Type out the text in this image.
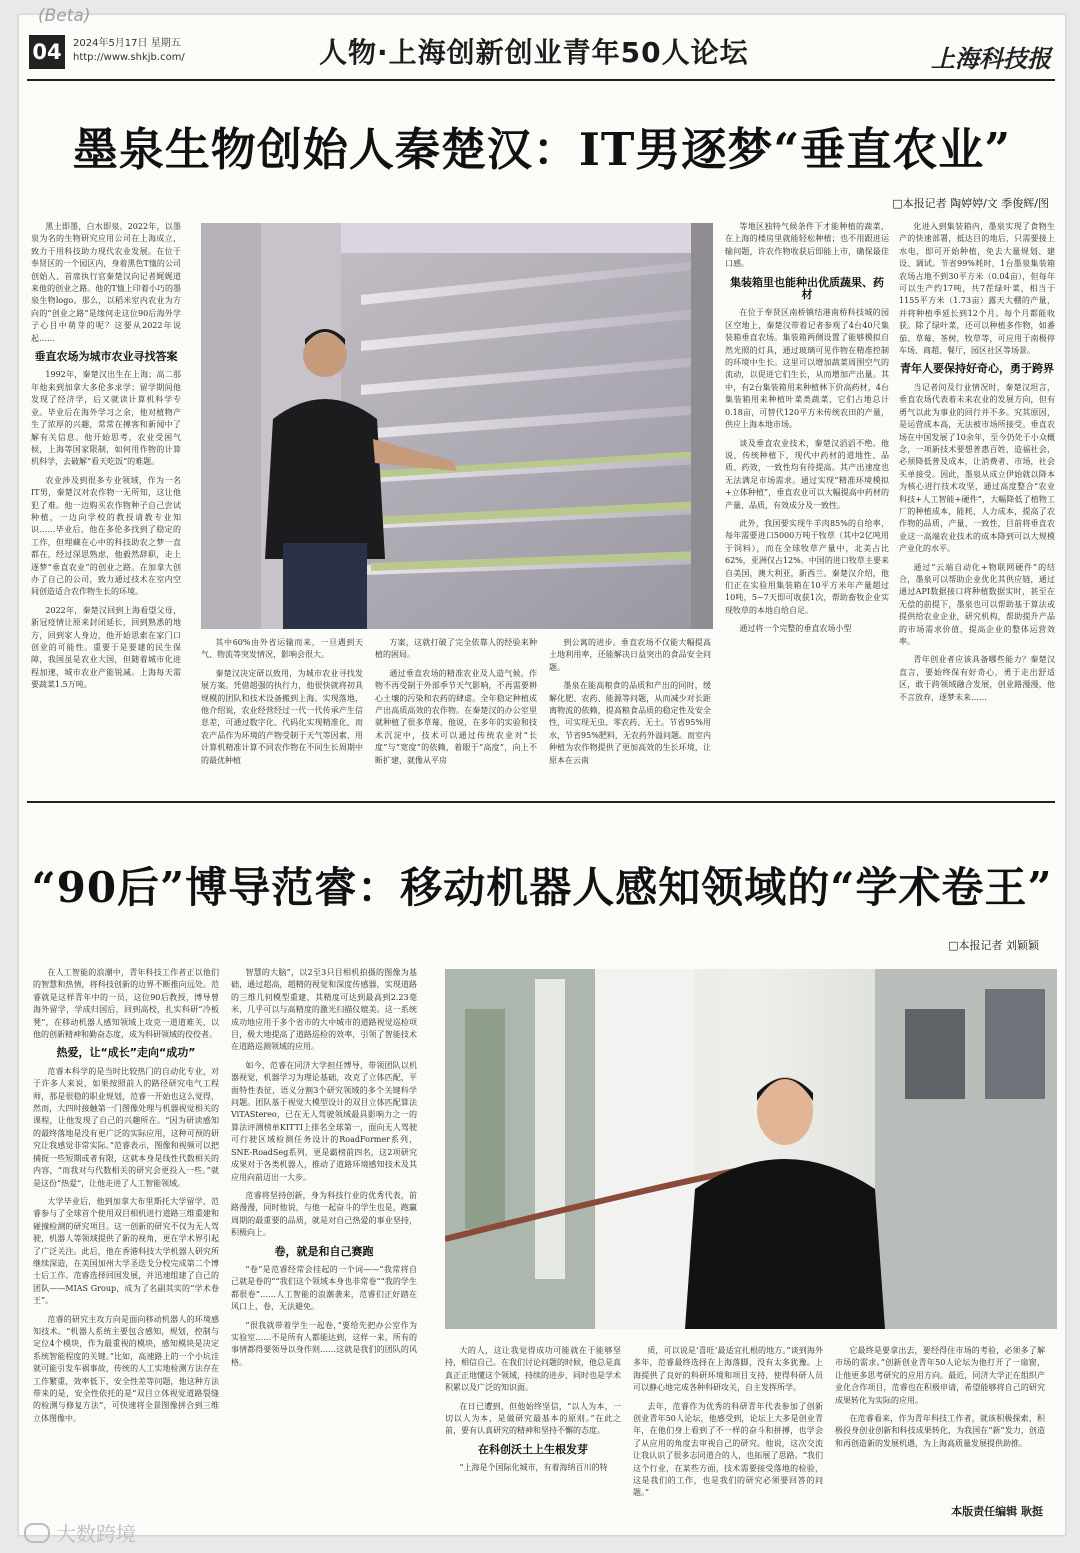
(Beta)
04	2024年5月17日 星期五
http://www.shkjb.com/	人物·上海创新创业青年50人论坛	上海科技报
墨泉生物创始人秦楚汉：IT男逐梦“垂直农业”
□本报记者 陶婷婷/文 季俊辉/图

黑土即墨，白水即泉。2022年，以墨泉为名的生物研究应用公司在上海成立，致力于用科技助力现代农业发展。在位于奉贤区的一个园区内，身着黑色T恤的公司创始人、首席执行官秦楚汉向记者娓娓道来他的创业之路。他的T恤上印着小巧的墨泉生物logo。那么，以稻米室内农业为方向的“创业之路”是缘何走这位90后海外学子心目中萌芽的呢？这要从2022年说起……

垂直农场为城市农业寻找答案

1992年，秦楚汉出生在上海；高二那年他来到加拿大多伦多求学；留学期间他发现了经济学，后又就读计算机科学专业。毕业后在海外学习之余，他对植物产生了浓厚的兴趣，常常在搏客和新闻中了解有关信息。他开始思考，农业受困气候，上海等国家限制，如何用作物的计算机科学，去破解“看天吃饭”的难题。

农业涉及到很多专业领域，作为一名IT男，秦楚汉对农作物一无所知，这让他犯了难。他一边购买农作物种子自己尝试种植，一边向学校的教授请教专业知识……毕业后，他在多伦多找到了稳定的工作，但埋藏在心中的科技助农之梦一直都在，经过深思熟虑，他毅然辞职，走上逐梦“垂直农业”的创业之路。在加拿大创办了自己的公司，致力通过技术在室内空间创造适合农作物生长的环境。

2022年，秦楚汉回到上海看望父母，新冠疫情让原来封闭延长，回到熟悉的地方，回到家人身边，他开始思索在家门口创业的可能性。重要于是要建的民生保障，我国虽是农业大国，但随着城市化进程加速，城市农业产能锐减。上海每天需要蔬菜1.5万吨。

其中60%由外省运输而来，一旦遇到天气、物流等突发情况，影响会很大。

秦楚汉决定研以致用，为城市农业寻找发展方案。凭借超强的执行力，他很快就将初具规模的团队和技术设备搬到上海。实现落地，他介绍说，农业经营经过一代一代传承产生信息差，可通过数字化、代码化实现精准化，而农产品作为环境的产物受制于天气等因素，用计算机精准计算不同农作物在不同生长周期中的最优种植

方案，这就打破了完全依靠人的经验来种植的困局。

通过垂直农场的精准农业及人造气候，作物不再受制于外部季节天气影响，不再需要耕心土壤的污染和农药的肆虐。全年稳定种植成产出高质高效的农作物。在秦楚汉的办公室里就种植了很多草莓，他说，在多年的实验和技术沉淀中，技术可以通过传统农业对“长度”与“宽度”的依赖，着眼于“高度”，向上不断扩建，就像从平房

到公寓的进步。垂直农场不仅能大幅提高土地利用率，还能解决日益突出的食品安全问题。

墨泉在能高粮食的品质和产出的同时，缓解化肥、农药、能源等问题，从而减少对长距离物流的依赖，提高粮食品质的稳定性及安全性，可实现无虫、零农药、无土。节省95%用水，节省95%肥料，无农药外溢问题。而室内种植为农作物提供了更加高效的生长环境，让原本在云南

等地区独特气候条件下才能种植的蔬菜，在上海的楼房里就能轻松种植；也不用跟进运输问题，许农作物收获后即能上市，确保最佳口感。

集装箱里也能种出优质蔬果、药材

在位于奉贤区南桥镇结港南桥科技城的园区空地上，秦楚汉带着记者参观了4台40尺集装箱垂直农场。集装箱两侧设置了能够模拟自然光照的灯具，通过玻璃可见作物在精准控制的环境中生长。这里可以增加蔬菜周围空气的流动，以促进它们生长，从而增加产出量。其中，有2台集装箱用来种植林下价高药材，4台集装箱用来种植叶菜类蔬菜，它们占地总计0.18亩，可替代120平方米传统农田的产量，供应上海本地市场。

谈及垂直农业技术，秦楚汉滔滔不绝。他说，传统种植下，现代中药材的道地性、品质、药效，一致性均有待提高。其产出速度也无法满足市场需求。通过实现“精准环境模拟+立体种植”，垂直农业可以大幅提高中药材的产量、品质，有效成分及一致性。

此外，我国要实现牛羊肉85%的自给率，每年需要进口5000万吨干牧草（其中2亿吨用于饲料），而在全球牧草产量中，北美占比62%，亚洲仅占12%。中国的进口牧草主要来自美国，澳大利亚，新西兰。秦楚汉介绍，他们正在实验用集装箱在10平方米年产量超过10吨，5~7天即可收获1次，帮助畜牧企业实现牧草的本地自给自足。

通过将一个完整的垂直农场小型

化进入到集装箱内，墨泉实现了食物生产的快速部署，抵达目的地后，只需要接上水电，即可开始种植，免去大量规划、建设、调试。节省99%耗时，1台墨泉集装箱农场占地不到30平方米（0.04亩），但每年可以生产约17吨，共7茬绿叶菜，相当于1155平方米（1.73亩）露天大棚的产量，并将种植季延长到12个月。每个月都能收获。除了绿叶菜，还可以种植多作物，如番茄、草莓、茶树，牧草等，可应用于南极停车场、商超、餐厅，园区社区等场景。

青年人要保持好奇心，勇于跨界

当记者问及行业情况时，秦楚汉坦言，垂直农场代表着未来农业的发展方向，但有勇气以此为事业的回行并不多。究其原因，是运营成本高，无法被市场所接受。垂直农场在中国发展了10余年，至今仍处于小众概念，一项新技术要想普惠百姓，造福社会，必须降低普及成本，让消费者、市场，社会买单接受。因此，墨泉从成立伊始就以降本为核心进行技术攻坚，通过高度整合“农业科技+人工智能+硬件”，大幅降低了植物工厂的种植成本，能耗，人力成本，提高了农作物的品质，产量，一致性，目前将垂直农业这一高端农业技术的成本降到可以大规模产业化的水平。

通过“云端自动化+物联网硬件”的结合，墨泉可以帮助企业优化其供应链，通过通过API数据接口将种植数据实时，甚至在无偿的前提下，墨泉也可以帮助基于算法或提供给农业企业，研究机构，帮助提升产品的市场需求价值，提高企业的整体运营效率。

青年创业者应该具备哪些能力？秦楚汉直言，要始终保有好奇心，勇于走出舒适区，敢于跨领域融合发展，创业路漫漫，他不言放弃，逐梦未来……

“90后”博导范睿：移动机器人感知领域的“学术卷王”
□本报记者 刘颖颖

在人工智能的浪潮中，青年科技工作者正以他们的智慧和热情，将科技创新的边界不断推向远处。范睿就是这样青年中的一员，这位90后教授，博导曾海外留学，学成归国后，回到高校，扎实科研“冷板凳”，在移动机器人感知领域上攻克一道道难关，以他的创新精神和勤奋态度，成为科研领域的佼佼者。

热爱，让“成长”走向“成功”

范睿本科学的是当时比较热门的自动化专业，对于许多人来说，如果按照前人的路径研究电气工程师，那是很稳的职业规划，范睿一开始也这么觉得，然而，大四时接触第一门图像处理与机器视觉相关的课程，让他发现了自己的兴趣所在。“因为研读感知的最终落地是没有更广泛的实际应用，这种可预的研究让我感觉非常实际。”范睿表示，图像和视频可以把捕捉一些短期或者有限，这就本身是线性代数相关的内容，“而我对与代数相关的研究会更投入一些。”就是这份“热爱”，让他走进了人工智能领域。

大学毕业后，他到加拿大布里斯托大学留学，范睿参与了全球首个使用双目相机进行道路三维重建和碰撞检测的研究项目。这一创新的研究不仅为无人驾驶，机器人等领域提供了新的视角，更在学术界引起了广泛关注。此后，他在香港科技大学机器人研究所继续深造，在美国加州大学圣迭戈分校完成第二个博士后工作。范睿选择回国发展，并迅速组建了自己的团队——MIAS Group，成为了名副其实的“学术卷王”。

范睿的研究主攻方向是面向移动机器人的环境感知技术。“机器人系统主要包含感知，规划，控制与定位4个模块，作为最重视的模块，感知模块是决定系统智能程度的关键。”比如，高速路上的一个小坑洼就可能引发车祸事故，传统的人工实地检测方法存在工作繁重，效率低下，安全性差等问题，他这种方法带来的是，安全性依托的是“双目立体视觉道路裂缝的检测与修复方法”，可快速将全景图像拼合到三维立体图像中。

智慧的大脑”，以2至3只目相机拍摄的图像为基础，通过超高，超精的视觉和深度传感器，实现道路的三维几何模型重建，其精度可达到最高到2.23毫米，几乎可以与高精度的激光扫描仪媲美。这一系统成功地应用于多个省市的大中城市的道路视觉巡检项目，极大地提高了道路巡检的效率，引领了智能技术在道路巡测领域的应用。

如今，范睿在同济大学担任博导，带领团队以机器视觉，机器学习为理论基础，攻克了立体匹配，平面特性表征，语义分割3个研究领域的多个关键科学问题。团队基于视觉大模型设计的双目立体匹配算法ViTAStereo，已在无人驾驶领域最具影响力之一的算法评测榜单KITTI上排名全球第一，面向无人驾驶可行驶区域检测任务设计的RoadFormer系列，SNE-RoadSeg系列，更是霸榜前四名，这2项研究成果对于各类机器人，推动了道路环境感知技术及其应用向前迈出一大步。

范睿将坚持创新，身为科技行业的优秀代表，前路漫漫，同时他说，与他一起奋斗的学生也是，跑赢周期的最重要的品质，就是对自己热爱的事业坚持，积极向上。

卷，就是和自己赛跑

“卷”是范睿经常会挂起的一个词——“我常将自己就是卷的”“我们这个领域本身也非常卷”“我的学生都很卷”……人工智能的浪潮袭来，范睿们正好踏在风口上，卷，无法避免。

“很我就带着学生一起卷，”要给先把办公室作为实验室……不是所有人都能达到，这样一来，所有的事情都得要领导以身作则……这就是我们的团队的风格。

大的人，这让我觉得成功可能就在于能够坚持，相信自己。在我们讨论问题的时候，他总是真真正正地懂这个领域，持续的进步，同时也是学术积累以及广泛的知识面。

在日已遭到，但他始终坚信，“以人为本，一切以人为本，是做研究最基本的原则。”在此之前，要有认真研究的精神和坚持不懈的态度。

在科创沃土上生根发芽

“上海是个国际化城市，有着海纳百川的特

质，可以说是‘喜旺’最适宜扎根的地方。”谈到海外多年，范睿最终选择在上海落脚，没有太多犹豫。上海提供了良好的科研环境和项目支持，使得科研人员可以静心地完成各种科研攻关，自主发挥所学。

去年，范睿作为优秀的科研青年代表参加了创新创业青年50人论坛，他感受到，论坛上大多是创业青年，在他们身上看到了不一样的奋斗和拼搏，也学会了从应用的角度去审视自己的研究。他说，这次交流让我认识了很多志同道合的人，也拓展了思路。“我们这个行业，在某些方面，技术需要接受落地的检验，这是我们的工作，也是我们的研究必须要回答的问题。”

它最终是要拿出去，要经得住市场的考验，必须多了解市场的需求。”创新创业青年50人论坛为他打开了一扇窗，让他更多思考研究的应用方向。最近，同济大学正在组织产业化合作项目，范睿也在积极申请，希望能够将自己的研究成果转化为实际的应用。

在范睿看来，作为青年科技工作者，就该积极探索，积极投身创业创新和科技成果转化，为我国在“新”发力，创造和再创造新的发展机遇，为上海高质量发展提供助推。

本版责任编辑 耿挺
大数跨境
